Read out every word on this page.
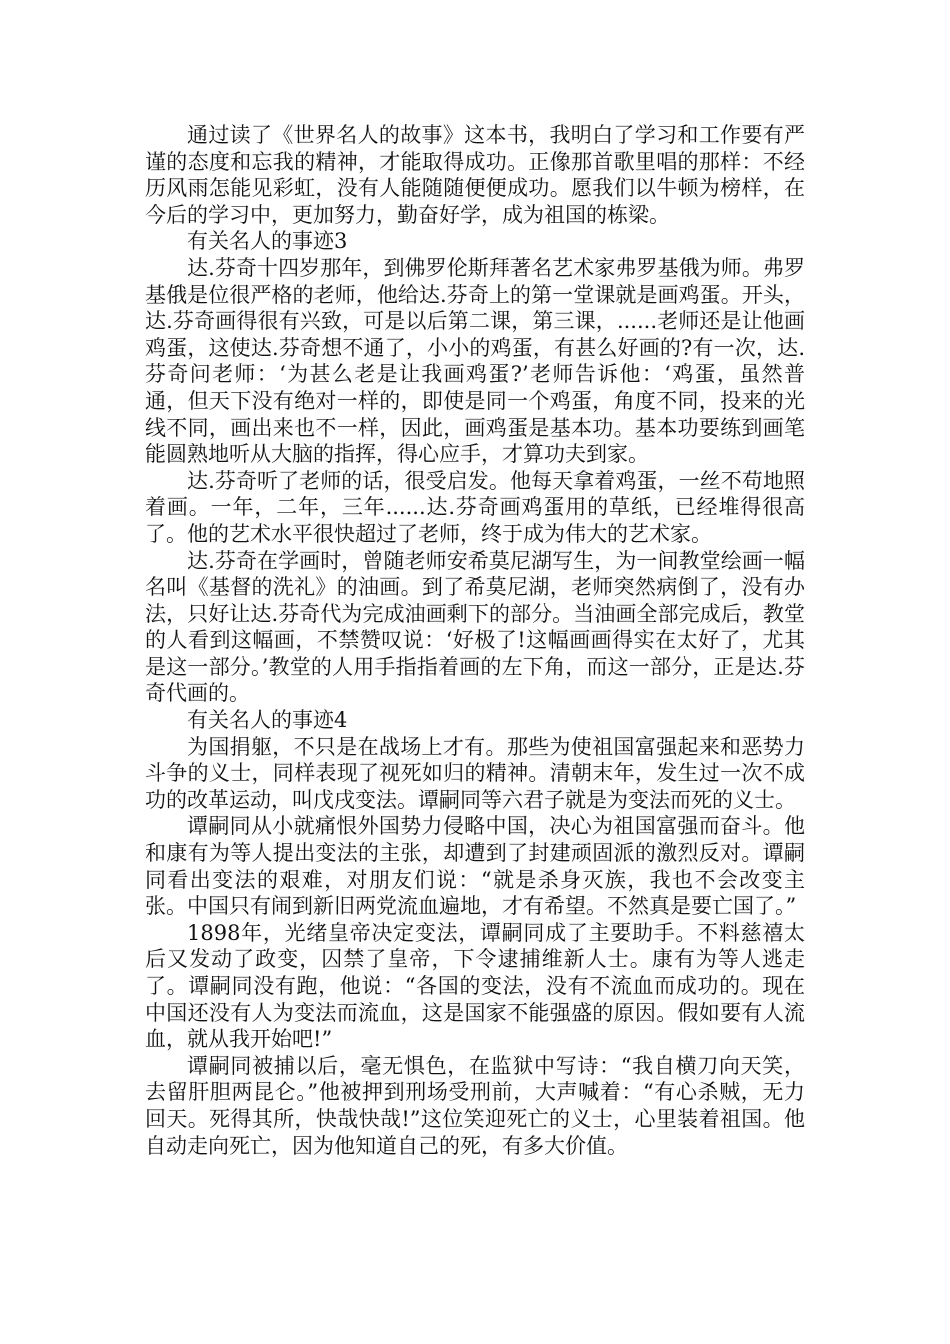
通过读了《世界名人的故事》这本书，我明白了学习和工作要有严谨的态度和忘我的精神，才能取得成功。正像那首歌里唱的那样：不经历风雨怎能见彩虹，没有人能随随便便成功。愿我们以牛顿为榜样，在今后的学习中，更加努力，勤奋好学，成为祖国的栋梁。

有关名人的事迹3

达.芬奇十四岁那年，到佛罗伦斯拜著名艺术家弗罗基俄为师。弗罗基俄是位很严格的老师，他给达.芬奇上的第一堂课就是画鸡蛋。开头，达.芬奇画得很有兴致，可是以后第二课，第三课，......老师还是让他画鸡蛋，这使达.芬奇想不通了，小小的鸡蛋，有甚么好画的?有一次，达.芬奇问老师：‘为甚么老是让我画鸡蛋?’老师告诉他：‘鸡蛋，虽然普通，但天下没有绝对一样的，即使是同一个鸡蛋，角度不同，投来的光线不同，画出来也不一样，因此，画鸡蛋是基本功。基本功要练到画笔能圆熟地听从大脑的指挥，得心应手，才算功夫到家。

达.芬奇听了老师的话，很受启发。他每天拿着鸡蛋，一丝不苟地照着画。一年，二年，三年......达.芬奇画鸡蛋用的草纸，已经堆得很高了。他的艺术水平很快超过了老师，终于成为伟大的艺术家。

达.芬奇在学画时，曾随老师安希莫尼湖写生，为一间教堂绘画一幅名叫《基督的洗礼》的油画。到了希莫尼湖，老师突然病倒了，没有办法，只好让达.芬奇代为完成油画剩下的部分。当油画全部完成后，教堂的人看到这幅画，不禁赞叹说：‘好极了!这幅画画得实在太好了，尤其是这一部分。’教堂的人用手指指着画的左下角，而这一部分，正是达.芬奇代画的。

有关名人的事迹4

为国捐躯，不只是在战场上才有。那些为使祖国富强起来和恶势力斗争的义士，同样表现了视死如归的精神。清朝末年，发生过一次不成功的改革运动，叫戊戌变法。谭嗣同等六君子就是为变法而死的义士。

谭嗣同从小就痛恨外国势力侵略中国，决心为祖国富强而奋斗。他和康有为等人提出变法的主张，却遭到了封建顽固派的激烈反对。谭嗣同看出变法的艰难，对朋友们说：“就是杀身灭族，我也不会改变主张。中国只有闹到新旧两党流血遍地，才有希望。不然真是要亡国了。”

1898年，光绪皇帝决定变法，谭嗣同成了主要助手。不料慈禧太后又发动了政变，囚禁了皇帝，下令逮捕维新人士。康有为等人逃走了。谭嗣同没有跑，他说：“各国的变法，没有不流血而成功的。现在中国还没有人为变法而流血，这是国家不能强盛的原因。假如要有人流血，就从我开始吧!”

谭嗣同被捕以后，毫无惧色，在监狱中写诗：“我自横刀向天笑，去留肝胆两昆仑。”他被押到刑场受刑前，大声喊着：“有心杀贼，无力回天。死得其所，快哉快哉!”这位笑迎死亡的义士，心里装着祖国。他自动走向死亡，因为他知道自己的死，有多大价值。
